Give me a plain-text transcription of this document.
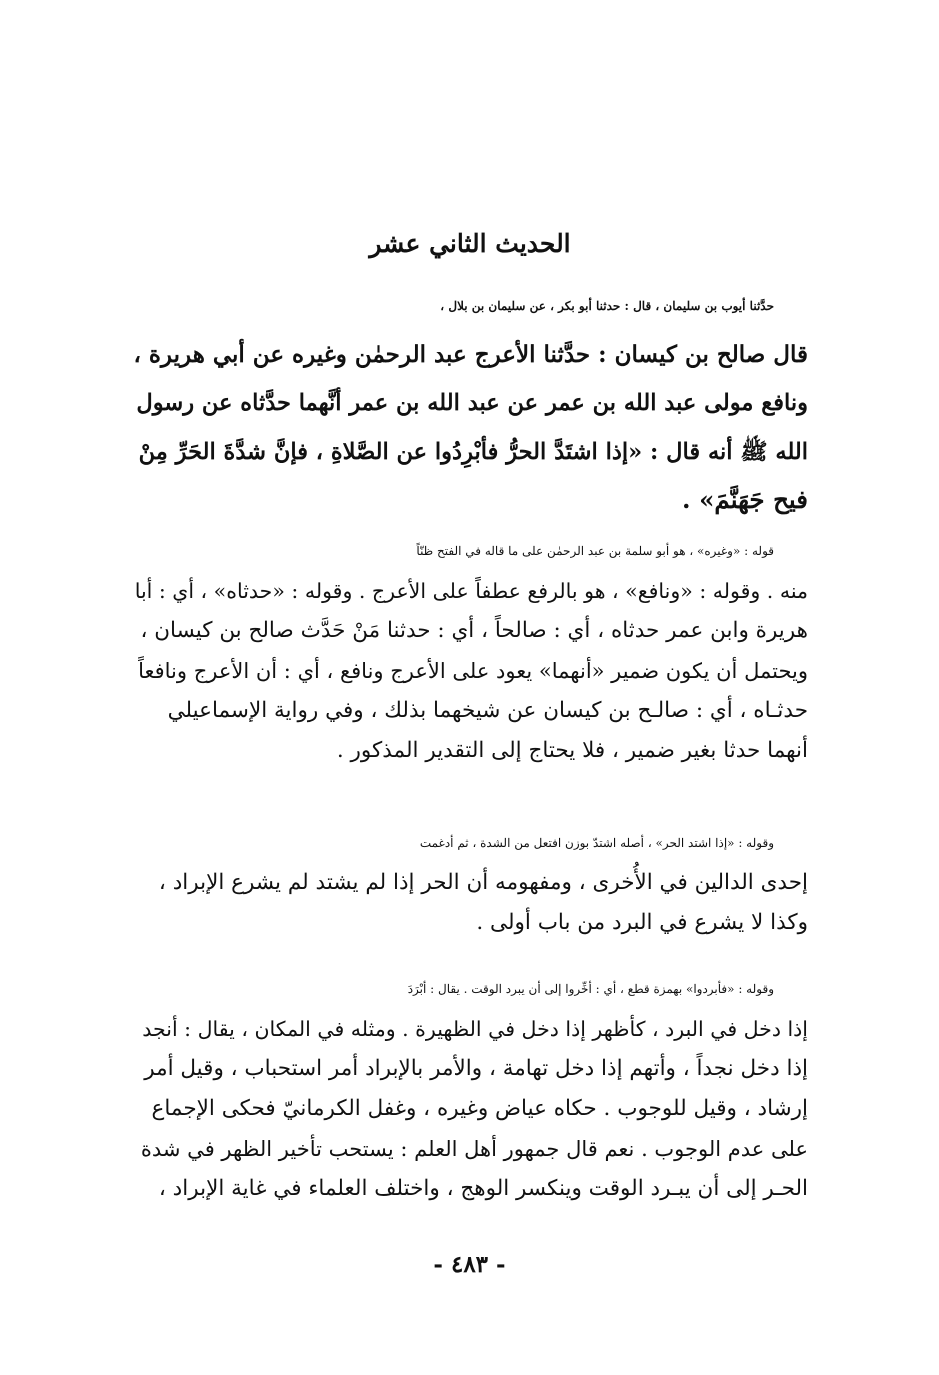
الحديث الثاني عشر
حدَّثنا أيوب بن سليمان ، قال : حدثنا أبو بكر ، عن سليمان بن بلال ،
قال صالح بن كيسان : حدَّثنا الأعرج عبد الرحمٰن وغيره عن أبي هريرة ،
ونافع مولى عبد الله بن عمر عن عبد الله بن عمر أنَّهما حدَّثاه عن رسول
الله ﷺ أنه قال : «إذا اشتَدَّ الحرُّ فأبْرِدُوا عن الصَّلاةِ ، فإنَّ شدَّةَ الحَرِّ مِنْ
فيح جَهَنَّمَ» .
قوله : «وغيره» ، هو أبو سلمة بن عبد الرحمٰن على ما قاله في الفتح ظنّاً
منه . وقوله : «ونافع» ، هو بالرفع عطفاً على الأعرج . وقوله : «حدثاه» ، أي : أبا
هريرة وابن عمر حدثاه ، أي : صالحاً ، أي : حدثنا مَنْ حَدَّث صالح بن كيسان ،
ويحتمل أن يكون ضمير «أنهما» يعود على الأعرج ونافع ، أي : أن الأعرج ونافعاً
حدثـاه ، أي : صالـح بن كيسان عن شيخهما بذلك ، وفي رواية الإسماعيلي
أنهما حدثا بغير ضمير ، فلا يحتاج إلى التقدير المذكور .
وقوله : «إذا اشتد الحر» ، أصله اشتدّ بوزن افتعل من الشدة ، ثم أدغمت
إحدى الدالين في الأُخرى ، ومفهومه أن الحر إذا لم يشتد لم يشرع الإبراد ،
وكذا لا يشرع في البرد من باب أولى .
وقوله : «فأبردوا» بهمزة قطع ، أي : أخِّروا إلى أن يبرد الوقت . يقال : أبْرَدَ
إذا دخل في البرد ، كأظهر إذا دخل في الظهيرة . ومثله في المكان ، يقال : أنجد
إذا دخل نجداً ، وأتهم إذا دخل تهامة ، والأمر بالإبراد أمر استحباب ، وقيل أمر
إرشاد ، وقيل للوجوب . حكاه عياض وغيره ، وغفل الكرمانيّ فحكى الإجماع
على عدم الوجوب . نعم قال جمهور أهل العلم : يستحب تأخير الظهر في شدة
الحـر إلى أن يبـرد الوقت وينكسر الوهج ، واختلف العلماء في غاية الإبراد ،
- ٤٨٣ -
